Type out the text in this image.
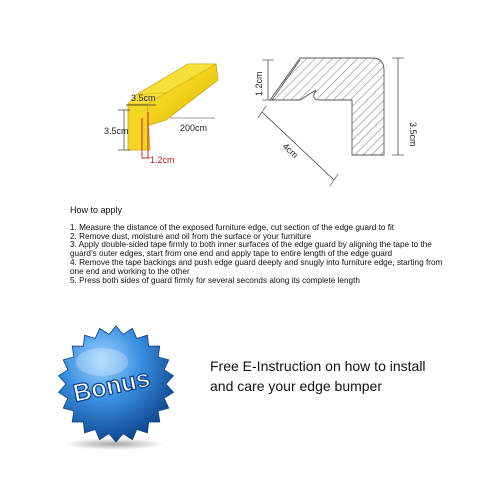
3.5cm
3.5cm	200cm
1.2cm
1.2cm
3.5cm
4cm
How to apply
1. Measure the distance of the exposed furniture edge, cut section of the edge guard to fit
2. Remove dust, moisture and oil from the surface or your furniture
3. Apply double-sided tape firmly to both inner surfaces of the edge guard by aligning the tape to the guard’s outer edges, start from one end and apply tape to entire length of the edge guard
4. Remove the tape backings and push edge guard deeply and snugly into furniture edge, starting from one end and working to the other
5. Press both sides of guard firmly for several seconds along its complete length
Bonus	Free E-Instruction on how to install
and care your edge bumper
